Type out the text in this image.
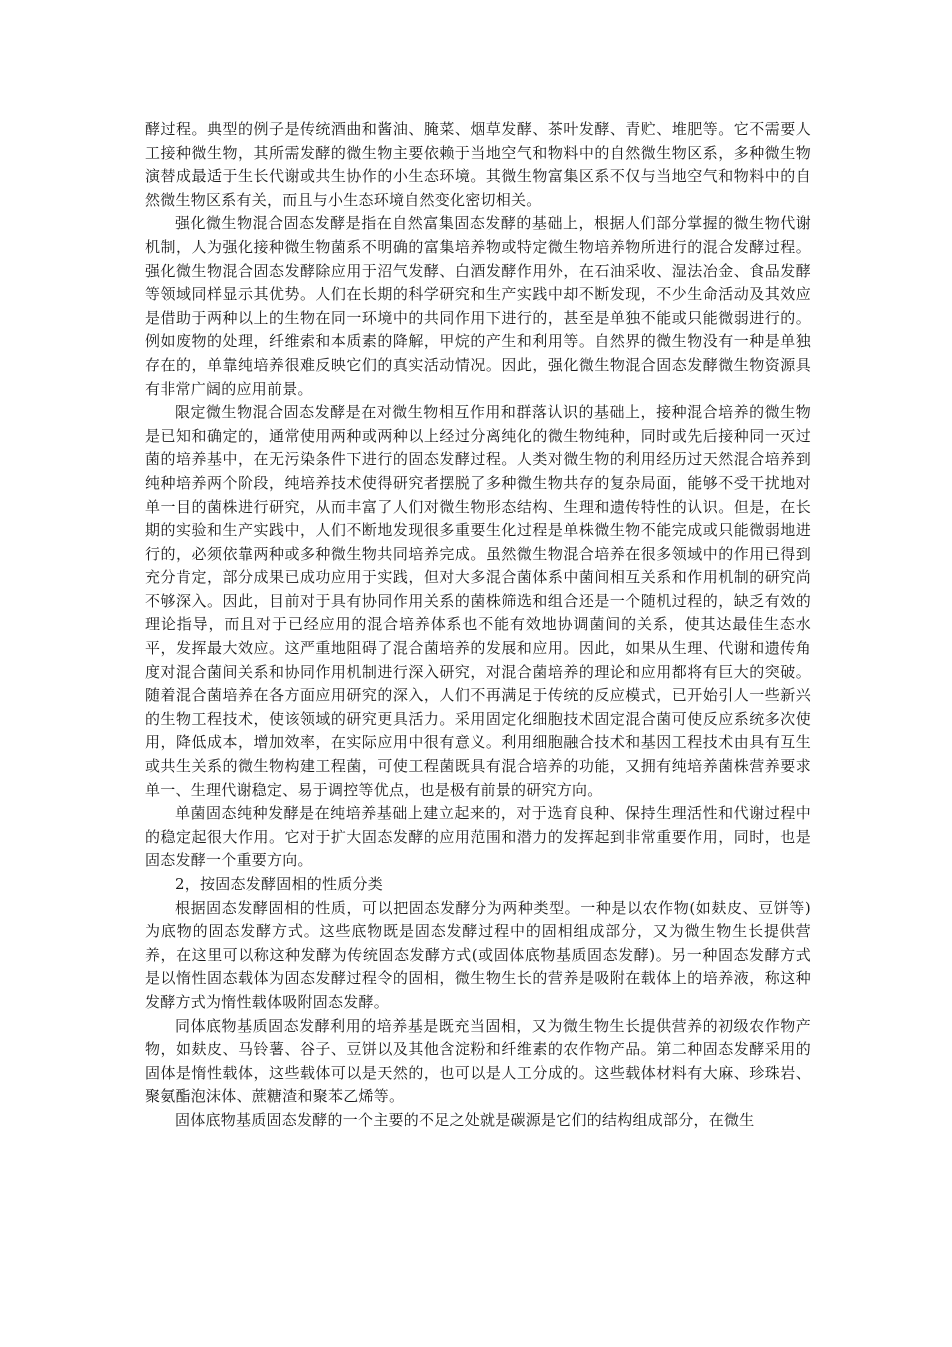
酵过程。典型的例子是传统酒曲和酱油、腌菜、烟草发酵、茶叶发酵、青贮、堆肥等。它不需要人工接种微生物，其所需发酵的微生物主要依赖于当地空气和物料中的自然微生物区系，多种微生物演替成最适于生长代谢或共生协作的小生态环境。其微生物富集区系不仅与当地空气和物料中的自然微生物区系有关，而且与小生态环境自然变化密切相关。

强化微生物混合固态发酵是指在自然富集固态发酵的基础上，根据人们部分掌握的微生物代谢机制，人为强化接种微生物菌系不明确的富集培养物或特定微生物培养物所进行的混合发酵过程。强化微生物混合固态发酵除应用于沼气发酵、白酒发酵作用外，在石油采收、湿法冶金、食品发酵等领域同样显示其优势。人们在长期的科学研究和生产实践中却不断发现，不少生命活动及其效应是借助于两种以上的生物在同一环境中的共同作用下进行的，甚至是单独不能或只能微弱进行的。例如废物的处理，纤维索和本质素的降解，甲烷的产生和利用等。自然界的微生物没有一种是单独存在的，单靠纯培养很难反映它们的真实活动情况。因此，强化微生物混合固态发酵微生物资源具有非常广阔的应用前景。

限定微生物混合固态发酵是在对微生物相互作用和群落认识的基础上，接种混合培养的微生物是已知和确定的，通常使用两种或两种以上经过分离纯化的微生物纯种，同时或先后接种同一灭过菌的培养基中，在无污染条件下进行的固态发酵过程。人类对微生物的利用经历过天然混合培养到纯种培养两个阶段，纯培养技术使得研究者摆脱了多种微生物共存的复杂局面，能够不受干扰地对单一目的菌株进行研究，从而丰富了人们对微生物形态结构、生理和遗传特性的认识。但是，在长期的实验和生产实践中，人们不断地发现很多重要生化过程是单株微生物不能完成或只能微弱地进行的，必须依靠两种或多种微生物共同培养完成。虽然微生物混合培养在很多领域中的作用已得到充分肯定，部分成果已成功应用于实践，但对大多混合菌体系中菌间相互关系和作用机制的研究尚不够深入。因此，目前对于具有协同作用关系的菌株筛选和组合还是一个随机过程的，缺乏有效的理论指导，而且对于已经应用的混合培养体系也不能有效地协调菌间的关系，使其达最佳生态水平，发挥最大效应。这严重地阻碍了混合菌培养的发展和应用。因此，如果从生理、代谢和遗传角度对混合菌间关系和协同作用机制进行深入研究，对混合菌培养的理论和应用都将有巨大的突破。随着混合菌培养在各方面应用研究的深入，人们不再满足于传统的反应模式，已开始引人一些新兴的生物工程技术，使该领域的研究更具活力。采用固定化细胞技术固定混合菌可使反应系统多次使用，降低成本，增加效率，在实际应用中很有意义。利用细胞融合技术和基因工程技术由具有互生或共生关系的微生物构建工程菌，可使工程菌既具有混合培养的功能，又拥有纯培养菌株营养要求单一、生理代谢稳定、易于调控等优点，也是极有前景的研究方向。

单菌固态纯种发酵是在纯培养基础上建立起来的，对于选育良种、保持生理活性和代谢过程中的稳定起很大作用。它对于扩大固态发酵的应用范围和潜力的发挥起到非常重要作用，同时，也是固态发酵一个重要方向。

2，按固态发酵固相的性质分类

根据固态发酵固相的性质，可以把固态发酵分为两种类型。一种是以农作物(如麸皮、豆饼等)为底物的固态发酵方式。这些底物既是固态发酵过程中的固相组成部分，又为微生物生长提供营养，在这里可以称这种发酵为传统固态发酵方式(或固体底物基质固态发酵)。另一种固态发酵方式是以惰性固态载体为固态发酵过程令的固相，微生物生长的营养是吸附在载体上的培养液，称这种发酵方式为惰性载体吸附固态发酵。

同体底物基质固态发酵利用的培养基是既充当固相，又为微生物生长提供营养的初级农作物产物，如麸皮、马铃薯、谷子、豆饼以及其他含淀粉和纤维素的农作物产品。第二种固态发酵采用的固体是惰性载体，这些载体可以是天然的，也可以是人工分成的。这些载体材料有大麻、珍珠岩、聚氨酯泡沫体、蔗糖渣和聚苯乙烯等。

固体底物基质固态发酵的一个主要的不足之处就是碳源是它们的结构组成部分，在微生
